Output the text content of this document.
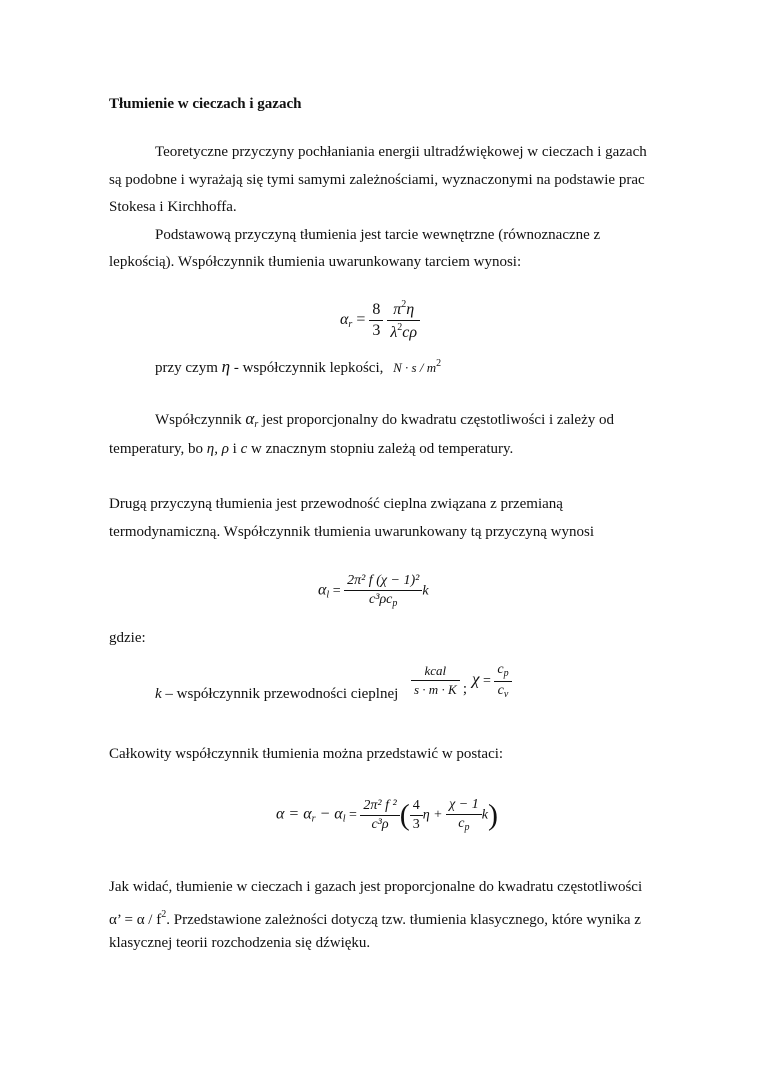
Tłumienie w cieczach i gazach
Teoretyczne przyczyny pochłaniania energii ultradźwiękowej w cieczach i gazach
są podobne i wyrażają się tymi samymi zależnościami, wyznaczonymi na podstawie prac
Stokesa i Kirchhoffa.
Podstawową przyczyną tłumienia jest tarcie wewnętrzne (równoznaczne z
lepkością). Współczynnik tłumienia uwarunkowany tarciem wynosi:
$\alpha_r = \frac{8}{3}$
$\frac{\pi^2\eta}{\lambda^2c\rho}$
przy czym η - współczynnik lepkości, $N \cdot s / m^2$
Współczynnik $\alpha_r$ jest proporcjonalny do kwadratu częstotliwości i zależy od
temperatury, bo η, ρ i c w znacznym stopniu zależą od temperatury.
Drugą przyczyną tłumienia jest przewodność cieplna związana z przemianą
termodynamiczną. Współczynnik tłumienia uwarunkowany tą przyczyną wynosi
$\alpha_l = \frac{\text{2π² f (χ − 1)²}}{c^3\rho c_p}$ k
gdzie:
k – współczynnik przewodności cieplnej $\frac{\text{kcal}}{s \cdot m \cdot K}$ ;
$\chi = \frac{c_p}{c_v}$
Całkowity współczynnik tłumienia można przedstawić w postaci:
$\alpha = \alpha_r - \alpha_l = \frac{\text{2π² f ²}}{\text{c³ρ}}$ ( $\frac{4}{3}$ $\eta + \frac{\chi - 1}{c_p} k$)
Jak widać, tłumienie w cieczach i gazach jest proporcjonalne do kwadratu częstotliwości
α’ = α / $f^2$. Przedstawione zależności dotyczą tzw. tłumienia klasycznego, które wynika z
klasycznej teorii rozchodzenia się dźwięku.
